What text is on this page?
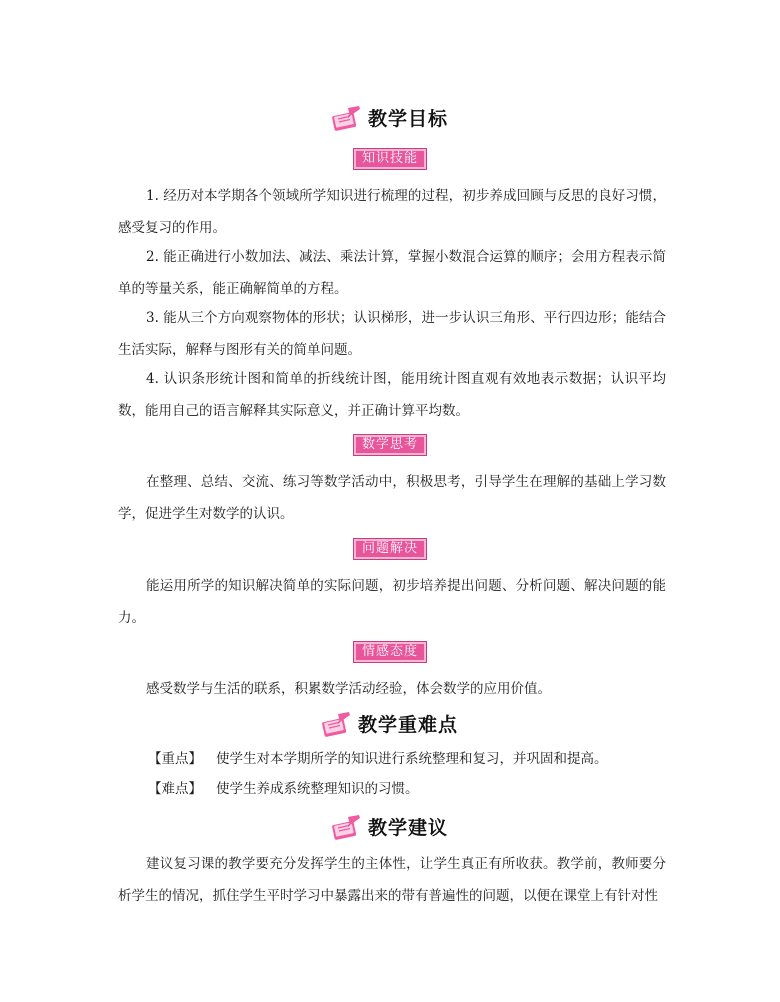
教学目标
知识技能

1. 经历对本学期各个领域所学知识进行梳理的过程，初步养成回顾与反思的良好习惯，感受复习的作用。

2. 能正确进行小数加法、减法、乘法计算，掌握小数混合运算的顺序；会用方程表示简单的等量关系，能正确解简单的方程。

3. 能从三个方向观察物体的形状；认识梯形，进一步认识三角形、平行四边形；能结合生活实际，解释与图形有关的简单问题。

4. 认识条形统计图和简单的折线统计图，能用统计图直观有效地表示数据；认识平均数，能用自己的语言解释其实际意义，并正确计算平均数。

数学思考

在整理、总结、交流、练习等数学活动中，积极思考，引导学生在理解的基础上学习数学，促进学生对数学的认识。

问题解决

能运用所学的知识解决简单的实际问题，初步培养提出问题、分析问题、解决问题的能力。

情感态度

感受数学与生活的联系，积累数学活动经验，体会数学的应用价值。

教学重难点
【重点】 使学生对本学期所学的知识进行系统整理和复习，并巩固和提高。
【难点】 使学生养成系统整理知识的习惯。
教学建议

建议复习课的教学要充分发挥学生的主体性，让学生真正有所收获。教学前，教师要分析学生的情况，抓住学生平时学习中暴露出来的带有普遍性的问题，以便在课堂上有针对性
